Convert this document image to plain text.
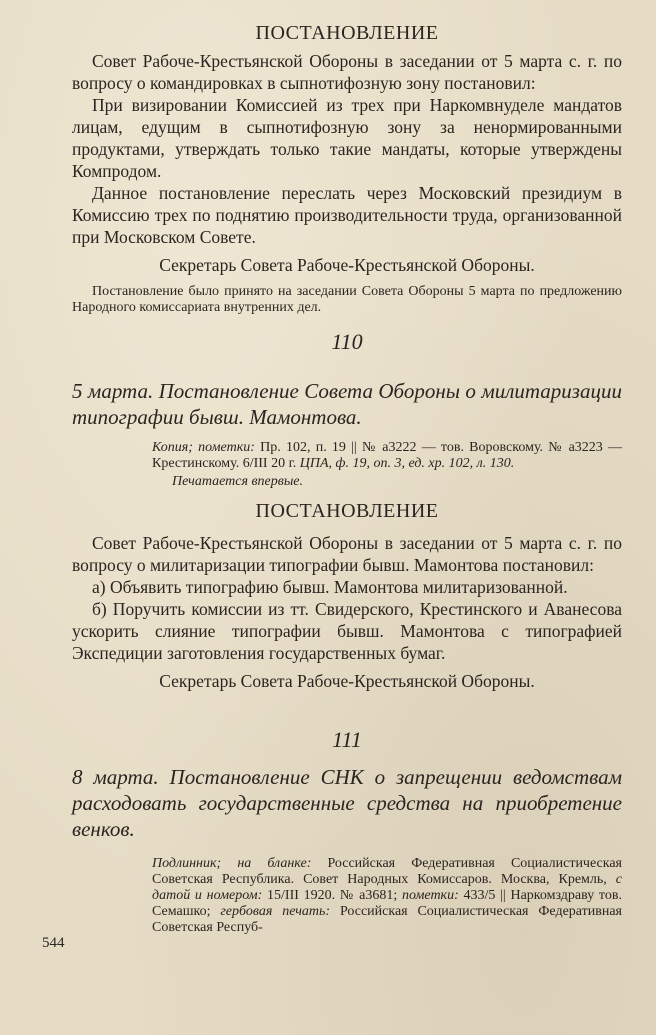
ПОСТАНОВЛЕНИЕ

Совет Рабоче-Крестьянской Обороны в заседании от 5 марта с. г. по вопросу о командировках в сыпнотифозную зону постановил:

При визировании Комиссией из трех при Наркомвнуделе мандатов лицам, едущим в сыпнотифозную зону за ненормированными продуктами, утверждать только такие мандаты, которые утверждены Компродом.

Данное постановление переслать через Московский президиум в Комиссию трех по поднятию производительности труда, организованной при Московском Совете.

Секретарь Совета Рабоче-Крестьянской Обороны.

Постановление было принято на заседании Совета Обороны 5 марта по предложению Народного комиссариата внутренних дел.

110

5 марта. Постановление Совета Обороны о милитаризации типографии бывш. Мамонтова.

Копия; пометки: Пр. 102, п. 19 || № а3222 — тов. Воровскому. № а3223 — Крестинскому. 6/III 20 г. ЦПА, ф. 19, оп. 3, ед. хр. 102, л. 130.

Печатается впервые.

ПОСТАНОВЛЕНИЕ

Совет Рабоче-Крестьянской Обороны в заседании от 5 марта с. г. по вопросу о милитаризации типографии бывш. Мамонтова постановил:

а) Объявить типографию бывш. Мамонтова милитаризованной.

б) Поручить комиссии из тт. Свидерского, Крестинского и Аванесова ускорить слияние типографии бывш. Мамонтова с типографией Экспедиции заготовления государственных бумаг.

Секретарь Совета Рабоче-Крестьянской Обороны.

111

8 марта. Постановление СНК о запрещении ведомствам расходовать государственные средства на приобретение венков.

Подлинник; на бланке: Российская Федеративная Социалистическая Советская Республика. Совет Народных Комиссаров. Москва, Кремль, с датой и номером: 15/III 1920. № а3681; пометки: 433/5 || Наркомздраву тов. Семашко; гербовая печать: Российская Социалистическая Федеративная Советская Респуб-

544
